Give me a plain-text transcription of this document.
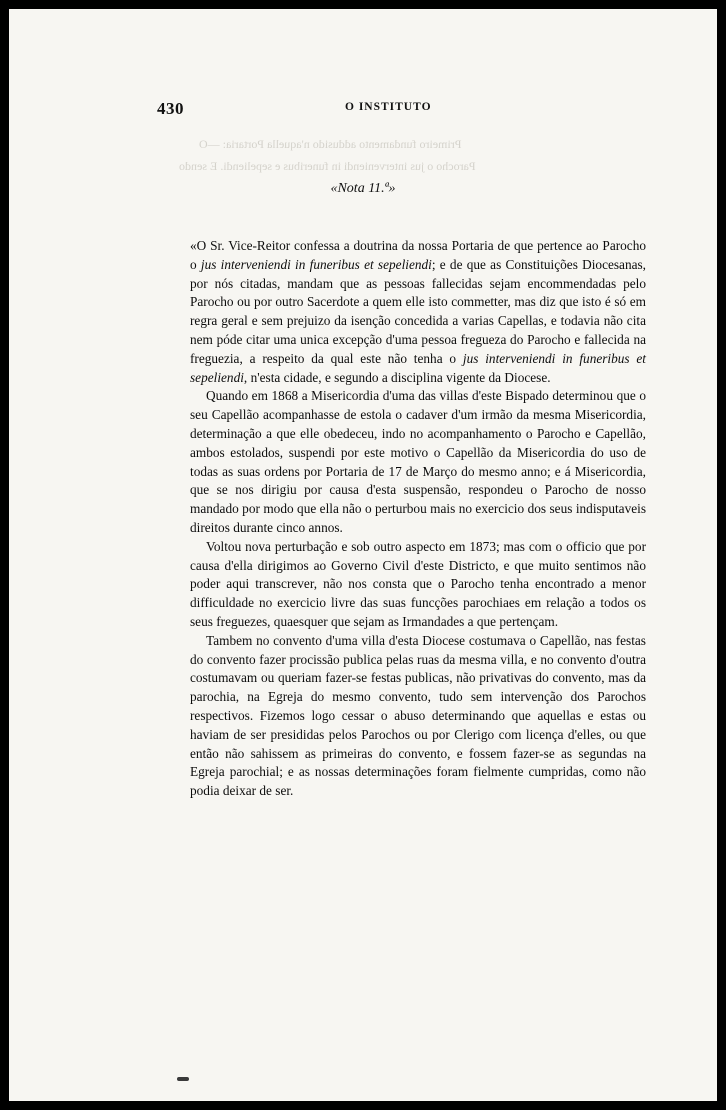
Primeiro fundamento addusido n'aquella Portaria: —O
Parocho o jus interveniendi in funeribus e sepeliendi. E sendo
430	O INSTITUTO
«Nota 11.ª»

«O Sr. Vice-Reitor confessa a doutrina da nossa Portaria de que pertence ao Parocho o jus interveniendi in funeribus et sepeliendi; e de que as Constituições Diocesanas, por nós citadas, mandam que as pessoas fallecidas sejam encommendadas pelo Parocho ou por outro Sacerdote a quem elle isto commetter, mas diz que isto é só em regra geral e sem prejuizo da isenção concedida a varias Capellas, e todavia não cita nem póde citar uma unica excepção d'uma pessoa fregueza do Parocho e fallecida na freguezia, a respeito da qual este não tenha o jus interveniendi in funeribus et sepeliendi, n'esta cidade, e segundo a disciplina vigente da Diocese.

Quando em 1868 a Misericordia d'uma das villas d'este Bispado determinou que o seu Capellão acompanhasse de estola o cadaver d'um irmão da mesma Misericordia, determinação a que elle obedeceu, indo no acompanhamento o Parocho e Capellão, ambos estolados, suspendi por este motivo o Capellão da Misericordia do uso de todas as suas ordens por Portaria de 17 de Março do mesmo anno; e á Misericordia, que se nos dirigiu por causa d'esta suspensão, respondeu o Parocho de nosso mandado por modo que ella não o perturbou mais no exercicio dos seus indisputaveis direitos durante cinco annos.

Voltou nova perturbação e sob outro aspecto em 1873; mas com o officio que por causa d'ella dirigimos ao Governo Civil d'este Districto, e que muito sentimos não poder aqui transcrever, não nos consta que o Parocho tenha encontrado a menor difficuldade no exercicio livre das suas funcções parochiaes em relação a todos os seus freguezes, quaesquer que sejam as Irmandades a que pertençam.

Tambem no convento d'uma villa d'esta Diocese costumava o Capellão, nas festas do convento fazer procissão publica pelas ruas da mesma villa, e no convento d'outra costumavam ou queriam fazer-se festas publicas, não privativas do convento, mas da parochia, na Egreja do mesmo convento, tudo sem intervenção dos Parochos respectivos. Fizemos logo cessar o abuso determinando que aquellas e estas ou haviam de ser presididas pelos Parochos ou por Clerigo com licença d'elles, ou que então não sahissem as primeiras do convento, e fossem fazer-se as segundas na Egreja parochial; e as nossas determinações foram fielmente cumpridas, como não podia deixar de ser.
